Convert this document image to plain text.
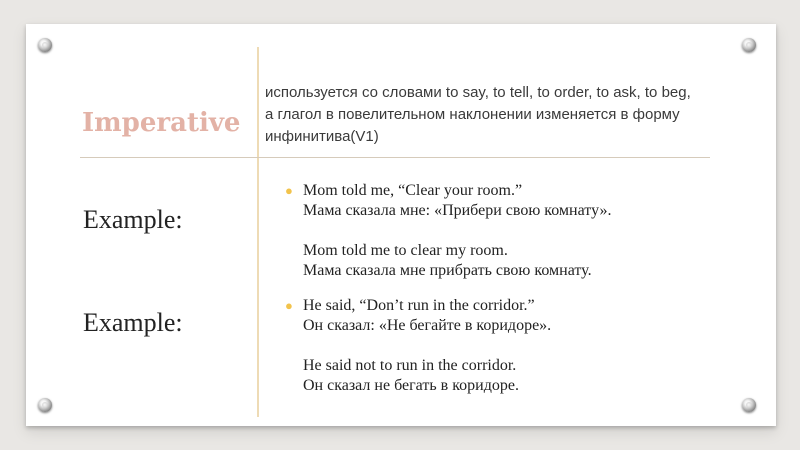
Imperative
используется со словами to say, to tell, to order, to ask, to beg, а глагол в повелительном наклонении изменяется в форму инфинитива(V1)
Example:
Example:
● Mom told me, “Clear your room.”
Мама сказала мне: «Прибери свою комнату».
Mom told me to clear my room.
Мама сказала мне прибрать свою комнату.
● He said, “Don’t run in the corridor.”
Он сказал: «Не бегайте в коридоре».
He said not to run in the corridor.
Он сказал не бегать в коридоре.
